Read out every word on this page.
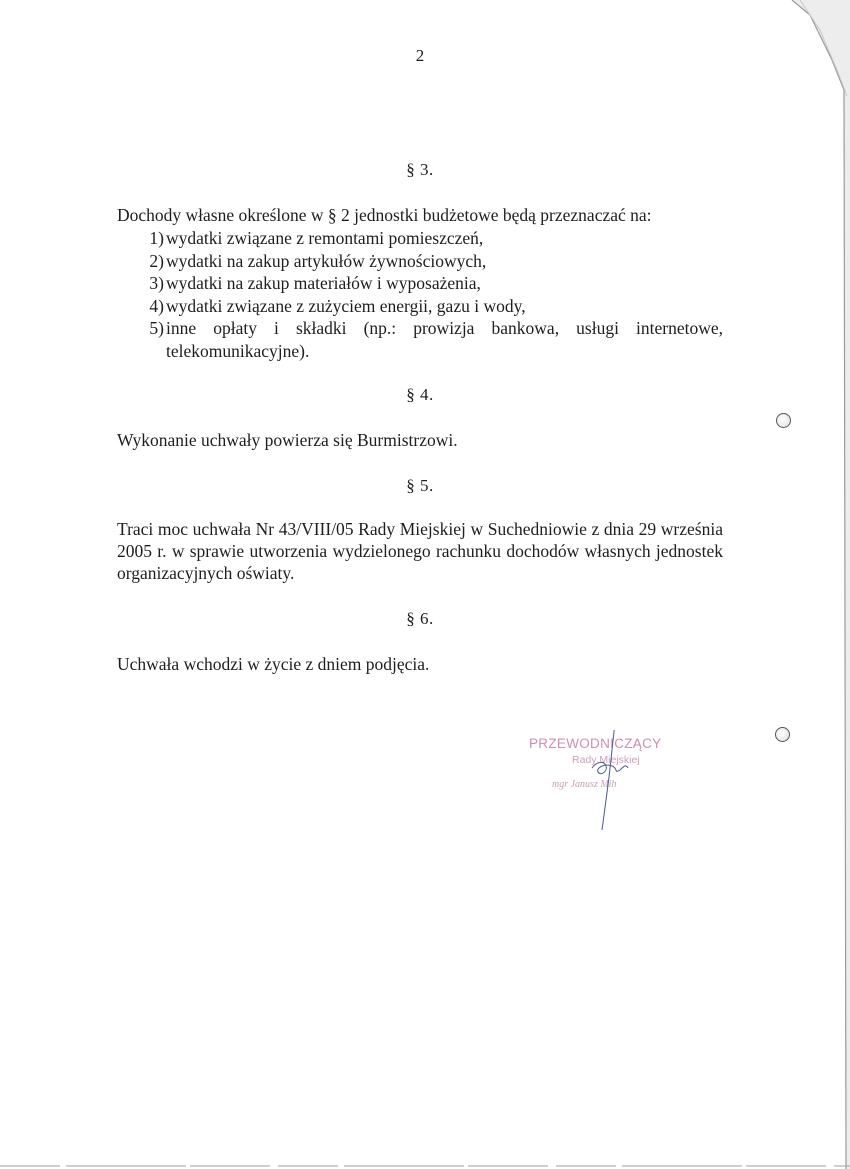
2
§ 3.

Dochody własne określone w § 2 jednostki budżetowe będą przeznaczać na:

1) wydatki związane z remontami pomieszczeń,
2) wydatki na zakup artykułów żywnościowych,
3) wydatki na zakup materiałów i wyposażenia,
4) wydatki związane z zużyciem energii, gazu i wody,
5) inne opłaty i składki (np.: prowizja bankowa, usługi internetowe, telekomunikacyjne).
§ 4.

Wykonanie uchwały powierza się Burmistrzowi.

§ 5.

Traci moc uchwała Nr 43/VIII/05 Rady Miejskiej w Suchedniowie z dnia 29 września 2005 r. w sprawie utworzenia wydzielonego rachunku dochodów własnych jednostek organizacyjnych oświaty.

§ 6.

Uchwała wchodzi w życie z dniem podjęcia.

PRZEWODNICZĄCY
Rady Miejskiej
mgr Janusz Mih
